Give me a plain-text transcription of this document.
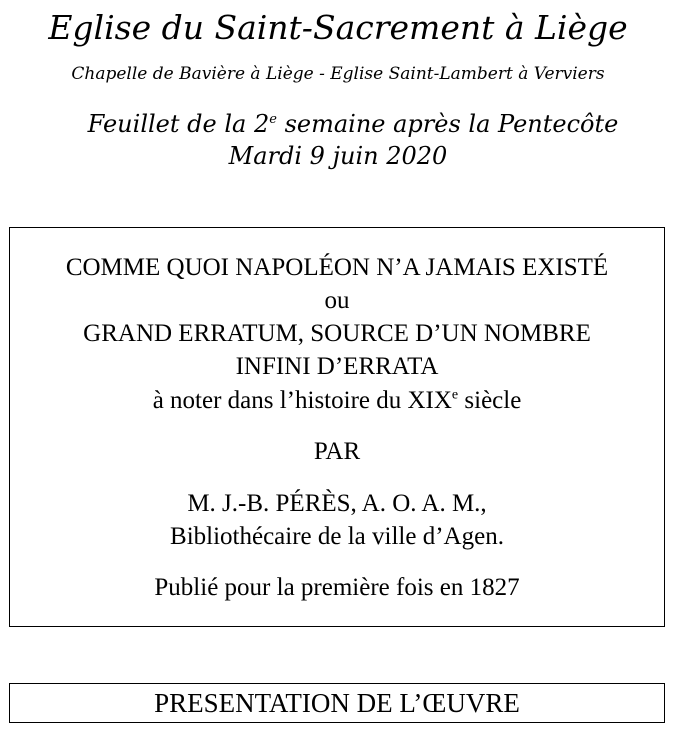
Eglise du Saint-Sacrement à Liège
Chapelle de Bavière à Liège - Eglise Saint-Lambert à Verviers
Feuillet de la 2e semaine après la Pentecôte
Mardi 9 juin 2020
COMME QUOI NAPOLÉON N’A JAMAIS EXISTÉ
ou
GRAND ERRATUM, SOURCE D’UN NOMBRE
INFINI D’ERRATA
à noter dans l’histoire du XIXe siècle
PAR
M. J.-B. PÉRÈS, A. O. A. M.,
Bibliothécaire de la ville d’Agen.
Publié pour la première fois en 1827
PRESENTATION DE L’ŒUVRE
